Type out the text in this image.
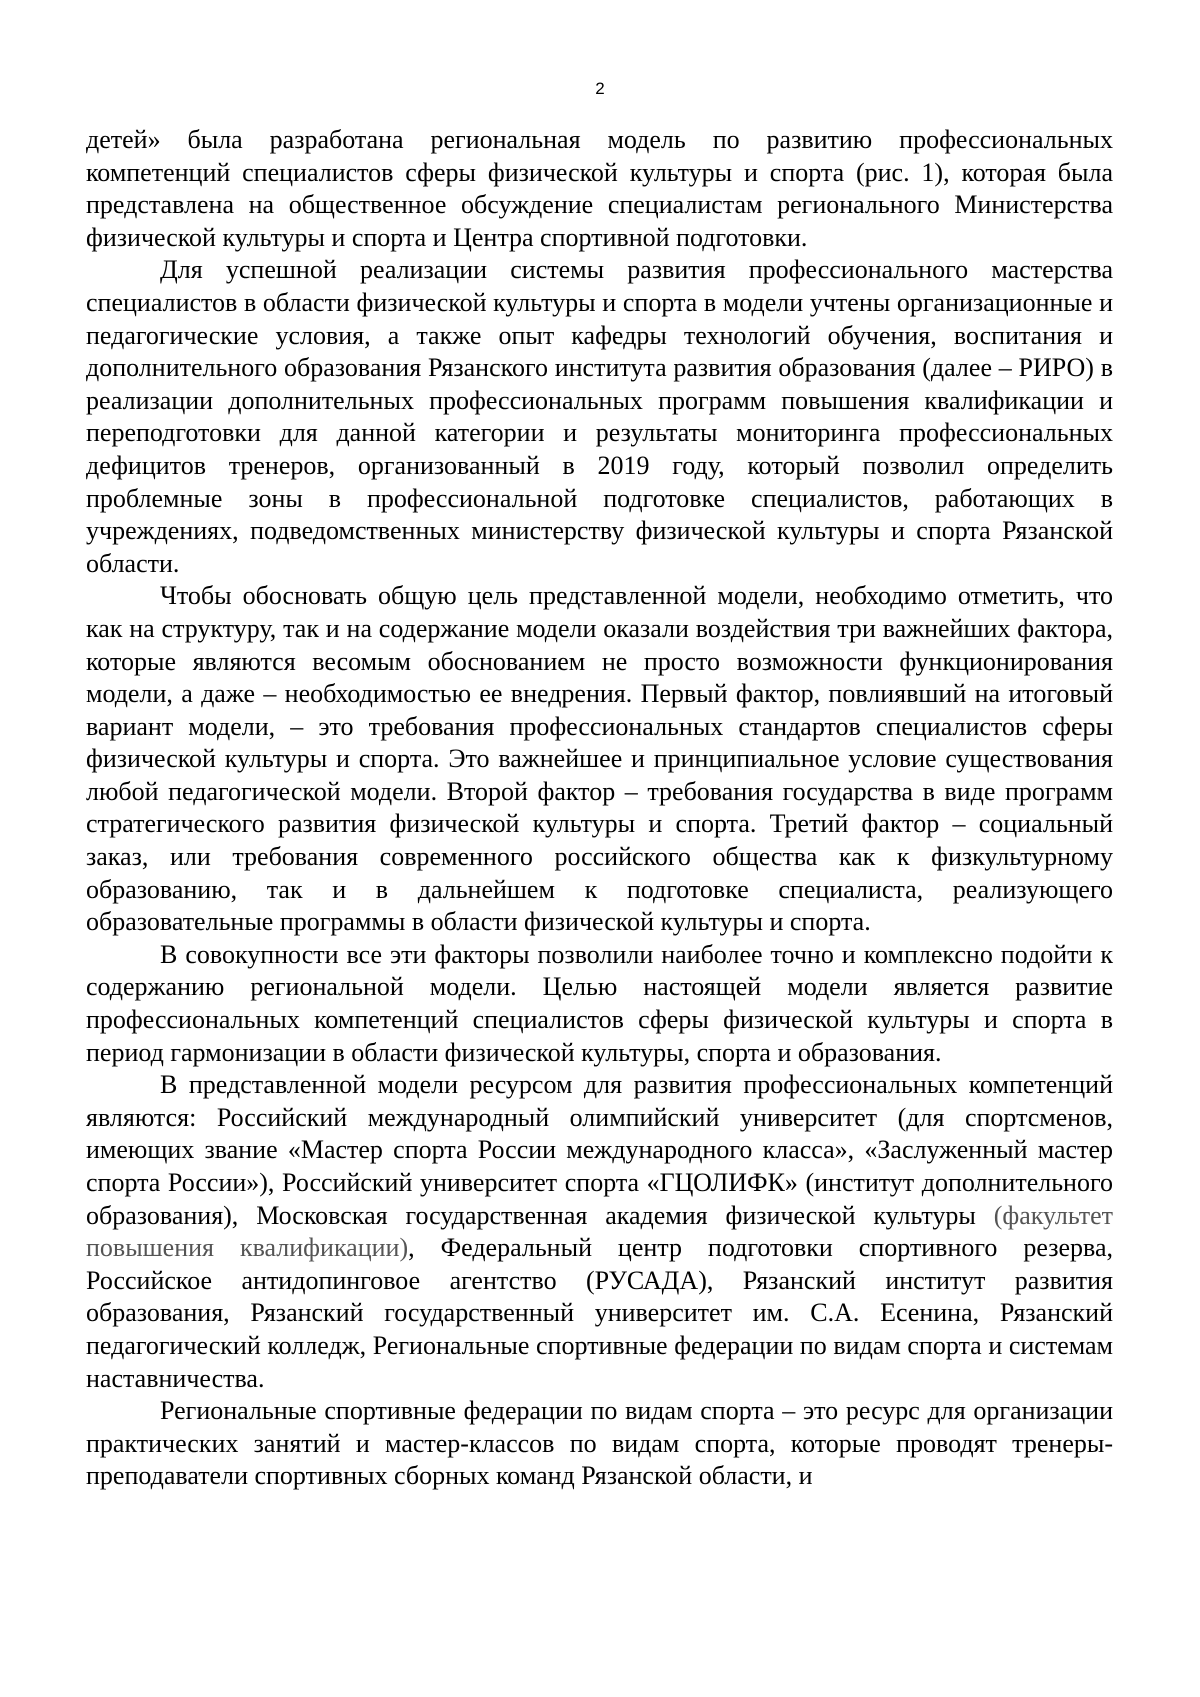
2

детей» была разработана региональная модель по развитию профессиональных компетенций специалистов сферы физической культуры и спорта (рис. 1), которая была представлена на общественное обсуждение специалистам регионального Министерства физической культуры и спорта и Центра спортивной подготовки.

Для успешной реализации системы развития профессионального мастерства специалистов в области физической культуры и спорта в модели учтены организационные и педагогические условия, а также опыт кафедры технологий обучения, воспитания и дополнительного образования Рязанского института развития образования (далее – РИРО) в реализации дополнительных профессиональных программ повышения квалификации и переподготовки для данной категории и результаты мониторинга профессиональных дефицитов тренеров, организованный в 2019 году, который позволил определить проблемные зоны в профессиональной подготовке специалистов, работающих в учреждениях, подведомственных министерству физической культуры и спорта Рязанской области.

Чтобы обосновать общую цель представленной модели, необходимо отметить, что как на структуру, так и на содержание модели оказали воздействия три важнейших фактора, которые являются весомым обоснованием не просто возможности функционирования модели, а даже – необходимостью ее внедрения. Первый фактор, повлиявший на итоговый вариант модели, – это требования профессиональных стандартов специалистов сферы физической культуры и спорта. Это важнейшее и принципиальное условие существования любой педагогической модели. Второй фактор – требования государства в виде программ стратегического развития физической культуры и спорта. Третий фактор – социальный заказ, или требования современного российского общества как к физкультурному образованию, так и в дальнейшем к подготовке специалиста, реализующего образовательные программы в области физической культуры и спорта.

В совокупности все эти факторы позволили наиболее точно и комплексно подойти к содержанию региональной модели. Целью настоящей модели является развитие профессиональных компетенций специалистов сферы физической культуры и спорта в период гармонизации в области физической культуры, спорта и образования.

В представленной модели ресурсом для развития профессиональных компетенций являются: Российский международный олимпийский университет (для спортсменов, имеющих звание «Мастер спорта России международного класса», «Заслуженный мастер спорта России»), Российский университет спорта «ГЦОЛИФК» (институт дополнительного образования), Московская государственная академия физической культуры (факультет повышения квалификации), Федеральный центр подготовки спортивного резерва, Российское антидопинговое агентство (РУСАДА), Рязанский институт развития образования, Рязанский государственный университет им. С.А. Есенина, Рязанский педагогический колледж, Региональные спортивные федерации по видам спорта и системам наставничества.

Региональные спортивные федерации по видам спорта – это ресурс для организации практических занятий и мастер-классов по видам спорта, которые проводят тренеры-преподаватели спортивных сборных команд Рязанской области, и
